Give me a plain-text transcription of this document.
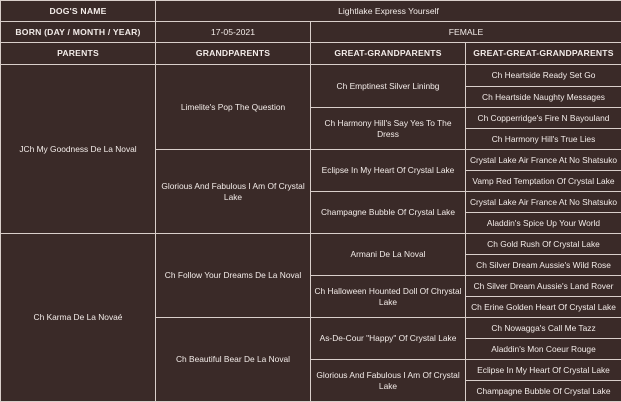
DOG'S NAME	Lightlake Express Yourself		
BORN (DAY / MONTH / YEAR)	17-05-2021	FEMALE	
PARENTS	GRANDPARENTS	GREAT-GRANDPARENTS	GREAT-GREAT-GRANDPARENTS
JCh My Goodness De La Noval	Limelite's Pop The Question	Ch Emptinest Silver Lininbg	Ch Heartside Ready Set Go
			Ch Heartside Naughty Messages
		Ch Harmony Hill's Say Yes To The Dress	Ch Copperridge's Fire N Bayouland
			Ch Harmony Hill's True Lies
	Glorious And Fabulous I Am Of Crystal Lake	Eclipse In My Heart Of Crystal Lake	Crystal Lake Air France At No Shatsuko
			Vamp Red Temptation Of Crystal Lake
		Champagne Bubble Of Crystal Lake	Crystal Lake Air France At No Shatsuko
			Aladdin's Spice Up Your World
Ch Karma De La Novaé	Ch Follow Your Dreams De La Noval	Armani De La Noval	Ch Gold Rush Of Crystal Lake
			Ch Silver Dream Aussie's Wild Rose
		Ch Halloween Hounted Doll Of Chrystal Lake	Ch Silver Dream Aussie's Land Rover
			Ch Erine Golden Heart Of Crystal Lake
	Ch Beautiful Bear De La Noval	As-De-Cour "Happy" Of Crystal Lake	Ch Nowagga's Call Me Tazz
			Aladdin's Mon Coeur Rouge
		Glorious And Fabulous I Am Of Crystal Lake	Eclipse In My Heart Of Crystal Lake
			Champagne Bubble Of Crystal Lake
